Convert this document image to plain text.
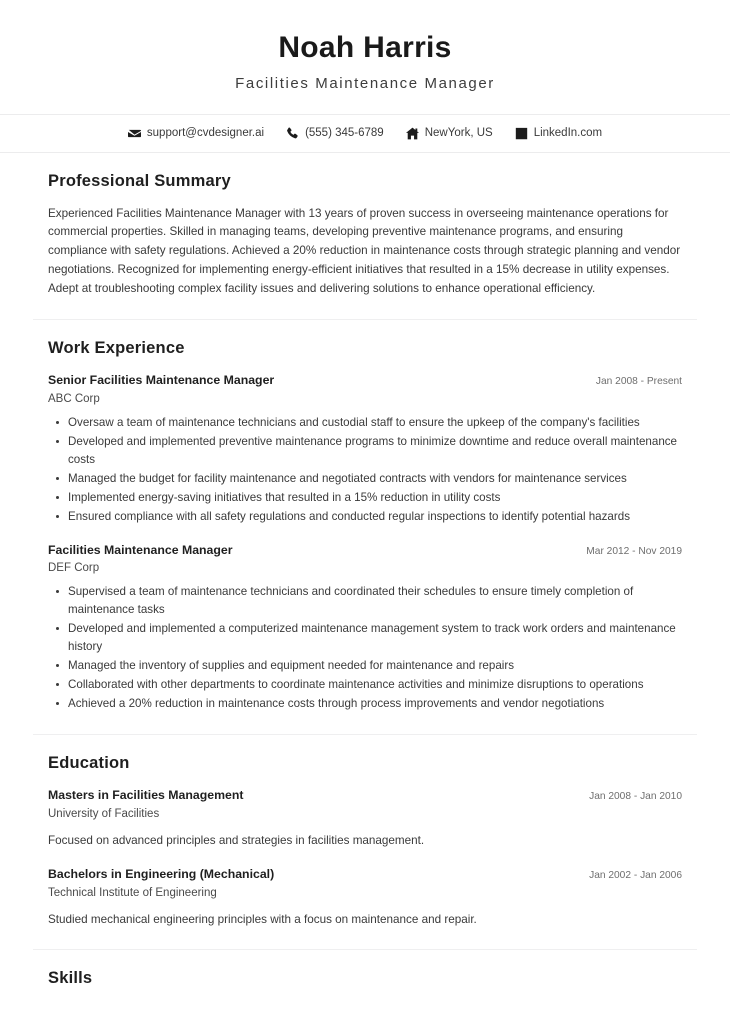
Noah Harris
Facilities Maintenance Manager
support@cvdesigner.ai	(555) 345-6789	NewYork, US	LinkedIn.com
Professional Summary

Experienced Facilities Maintenance Manager with 13 years of proven success in overseeing maintenance operations for commercial properties. Skilled in managing teams, developing preventive maintenance programs, and ensuring compliance with safety regulations. Achieved a 20% reduction in maintenance costs through strategic planning and vendor negotiations. Recognized for implementing energy-efficient initiatives that resulted in a 15% decrease in utility expenses. Adept at troubleshooting complex facility issues and delivering solutions to enhance operational efficiency.

Work Experience
Senior Facilities Maintenance Manager	Jan 2008 - Present
ABC Corp
Oversaw a team of maintenance technicians and custodial staff to ensure the upkeep of the company's facilities
Developed and implemented preventive maintenance programs to minimize downtime and reduce overall maintenance costs
Managed the budget for facility maintenance and negotiated contracts with vendors for maintenance services
Implemented energy-saving initiatives that resulted in a 15% reduction in utility costs
Ensured compliance with all safety regulations and conducted regular inspections to identify potential hazards
Facilities Maintenance Manager	Mar 2012 - Nov 2019
DEF Corp
Supervised a team of maintenance technicians and coordinated their schedules to ensure timely completion of maintenance tasks
Developed and implemented a computerized maintenance management system to track work orders and maintenance history
Managed the inventory of supplies and equipment needed for maintenance and repairs
Collaborated with other departments to coordinate maintenance activities and minimize disruptions to operations
Achieved a 20% reduction in maintenance costs through process improvements and vendor negotiations
Education
Masters in Facilities Management	Jan 2008 - Jan 2010
University of Facilities

Focused on advanced principles and strategies in facilities management.

Bachelors in Engineering (Mechanical)	Jan 2002 - Jan 2006
Technical Institute of Engineering

Studied mechanical engineering principles with a focus on maintenance and repair.

Skills
